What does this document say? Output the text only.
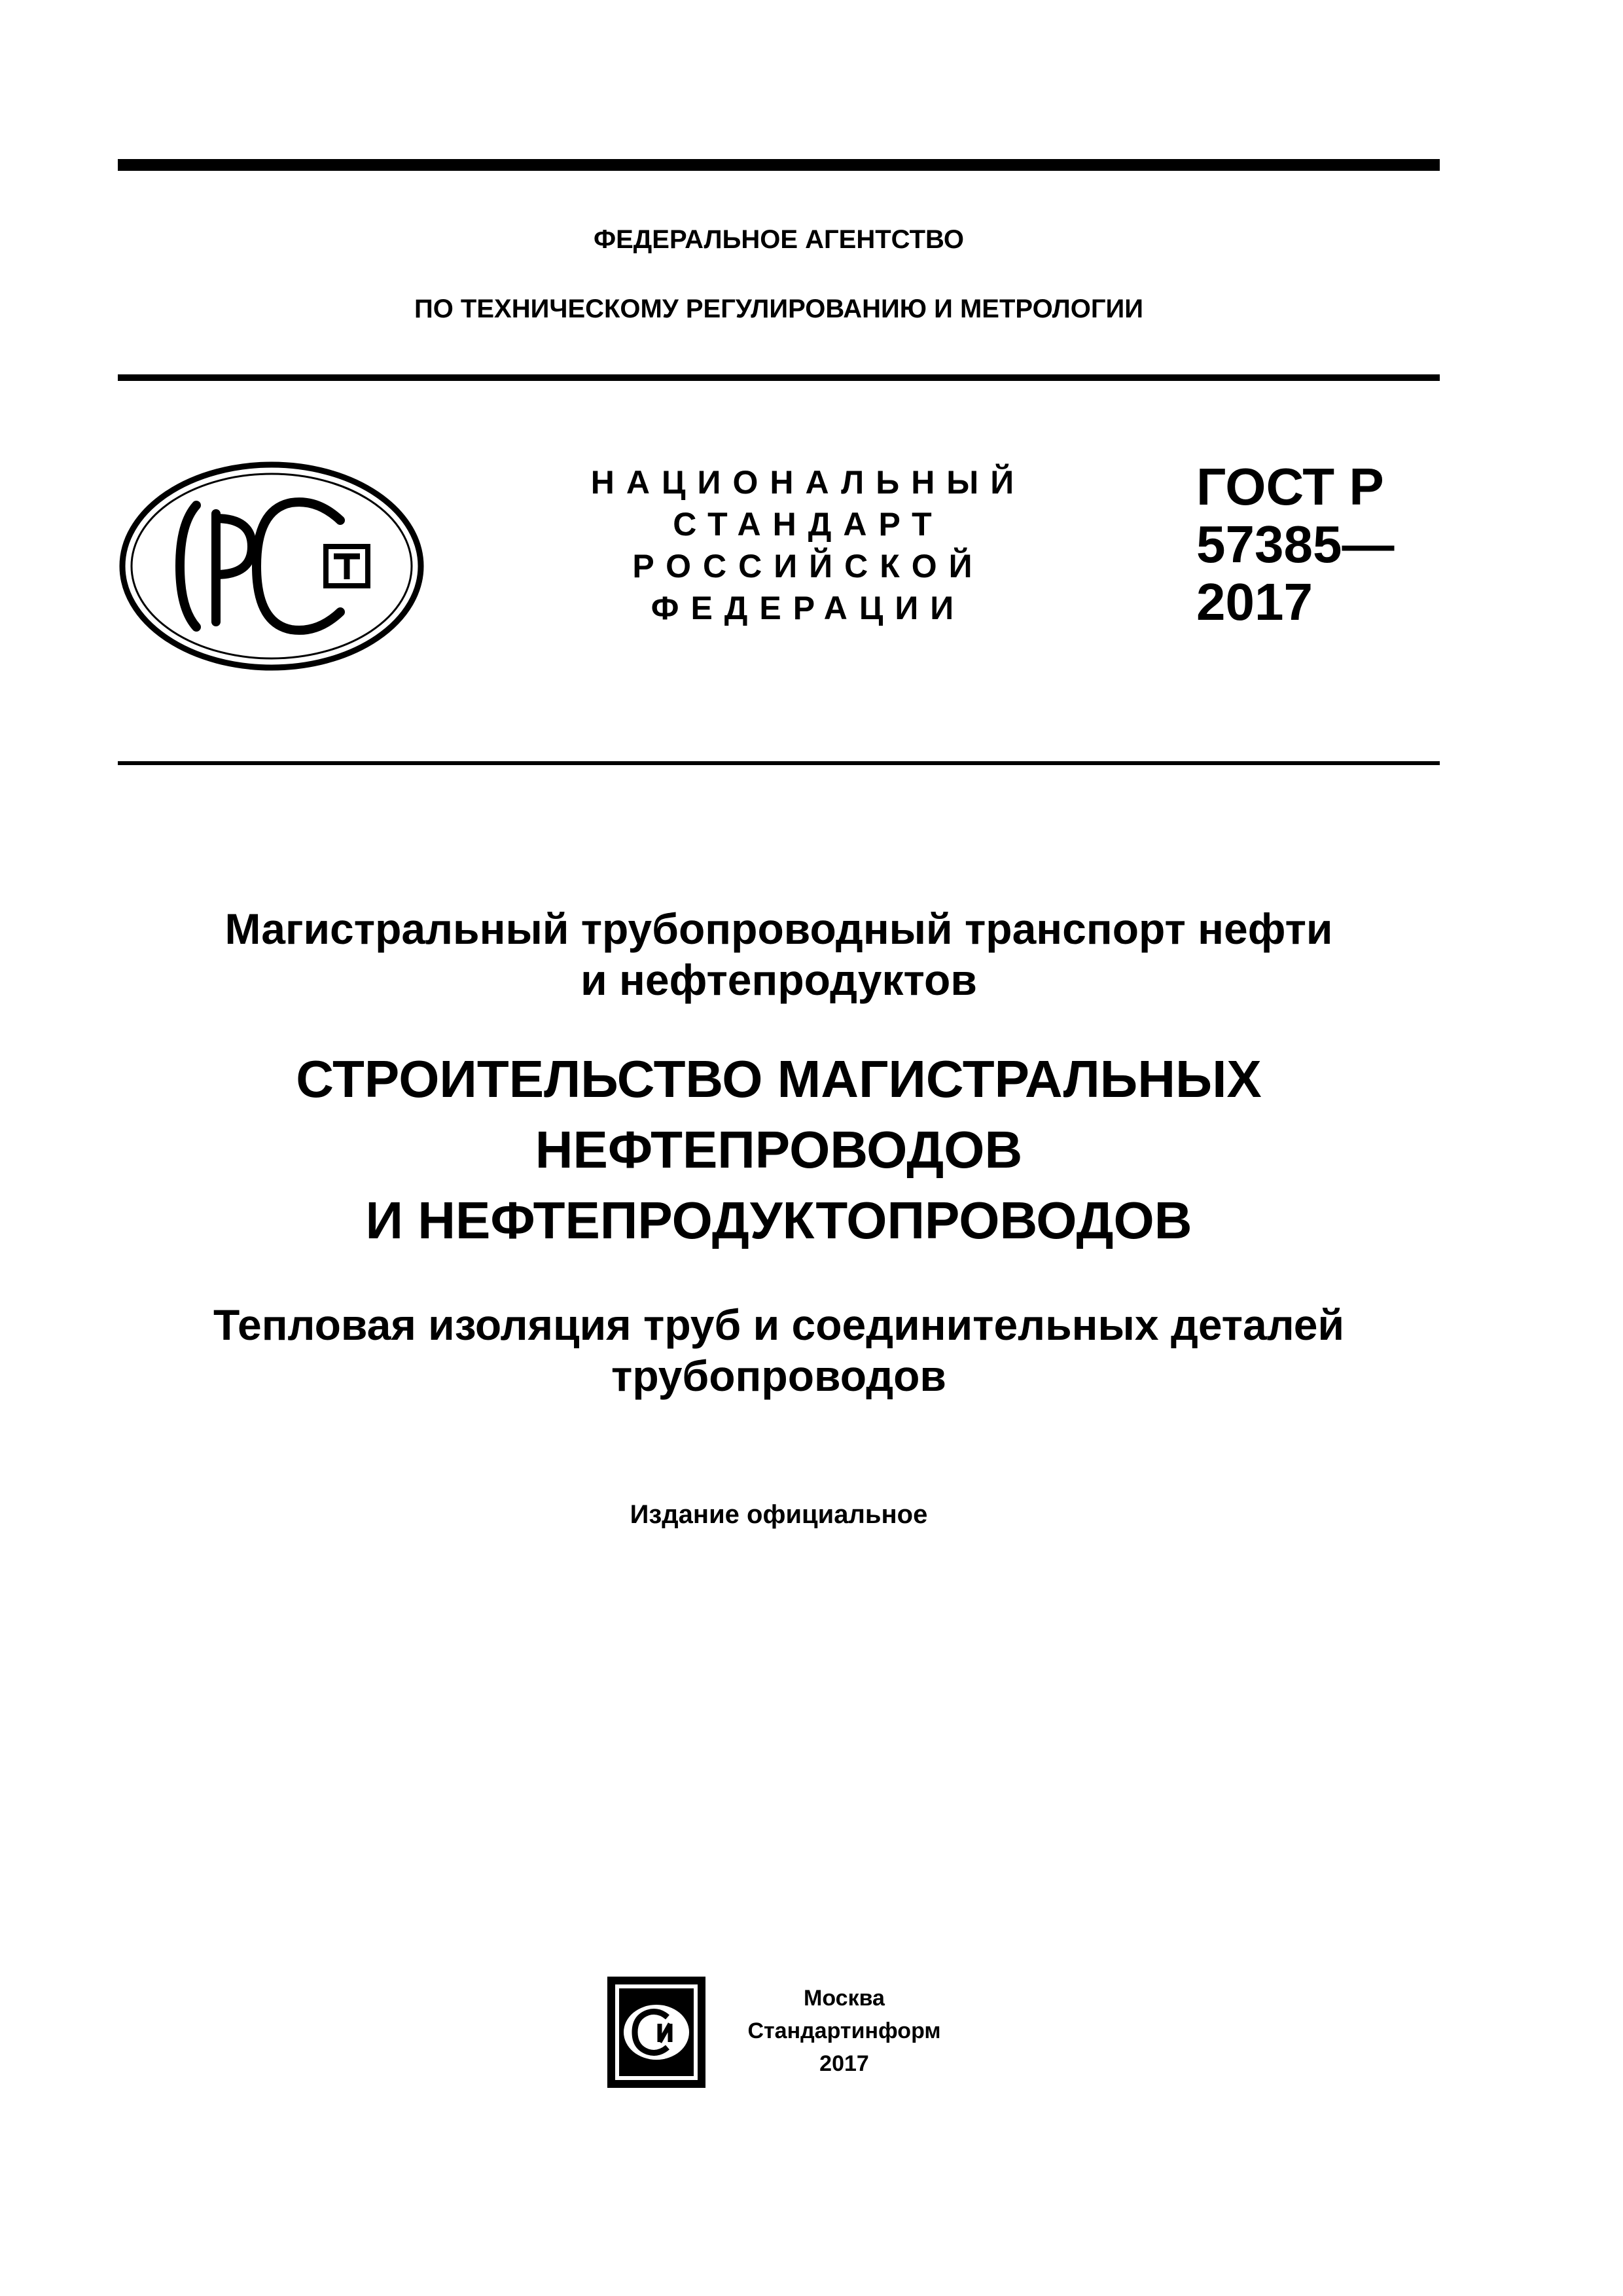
ФЕДЕРАЛЬНОЕ АГЕНТСТВО
ПО ТЕХНИЧЕСКОМУ РЕГУЛИРОВАНИЮ И МЕТРОЛОГИИ
НАЦИОНАЛЬНЫЙ
СТАНДАРТ
РОССИЙСКОЙ
ФЕДЕРАЦИИ
ГОСТ Р
57385—
2017
Магистральный трубопроводный транспорт нефти
и нефтепродуктов
СТРОИТЕЛЬСТВО МАГИСТРАЛЬНЫХ
НЕФТЕПРОВОДОВ
И НЕФТЕПРОДУКТОПРОВОДОВ
Тепловая изоляция труб и соединительных деталей
трубопроводов
Издание официальное
Москва
Стандартинформ
2017
